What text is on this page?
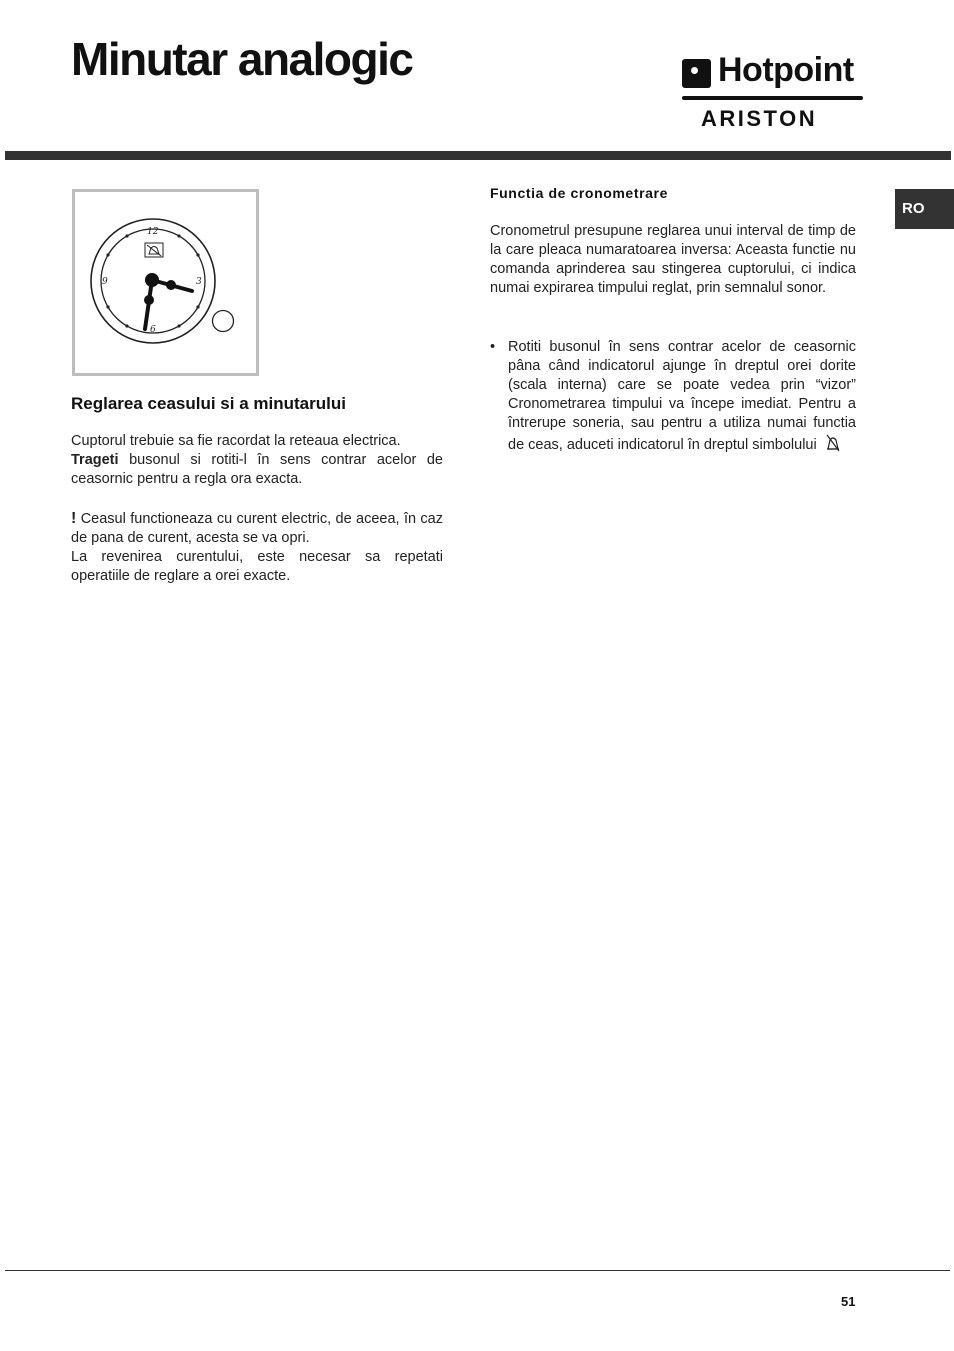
Minutar analogic	Hotpoint
ARISTON
RO
12
3
6
9
Reglarea ceasului si a minutarului

Cuptorul trebuie sa fie racordat la reteaua electrica.
Trageti busonul si rotiti-l în sens contrar acelor de ceasornic pentru a regla ora exacta.

! Ceasul functioneaza cu curent electric, de aceea, în caz de pana de curent, acesta se va opri.
La revenirea curentului, este necesar sa repetati operatiile de reglare a orei exacte.

Functia de cronometrare

Cronometrul presupune reglarea unui interval de timp de la care pleaca numaratoarea inversa: Aceasta functie nu comanda aprinderea sau stingerea cuptorului, ci indica numai expirarea timpului reglat, prin semnalul sonor.

• Rotiti busonul în sens contrar acelor de ceasornic pâna când indicatorul ajunge în dreptul orei dorite (scala interna) care se poate vedea prin “vizor” Cronometrarea timpului va începe imediat. Pentru a întrerupe soneria, sau pentru a utiliza numai functia de ceas, aduceti indicatorul în dreptul simbolului
51
